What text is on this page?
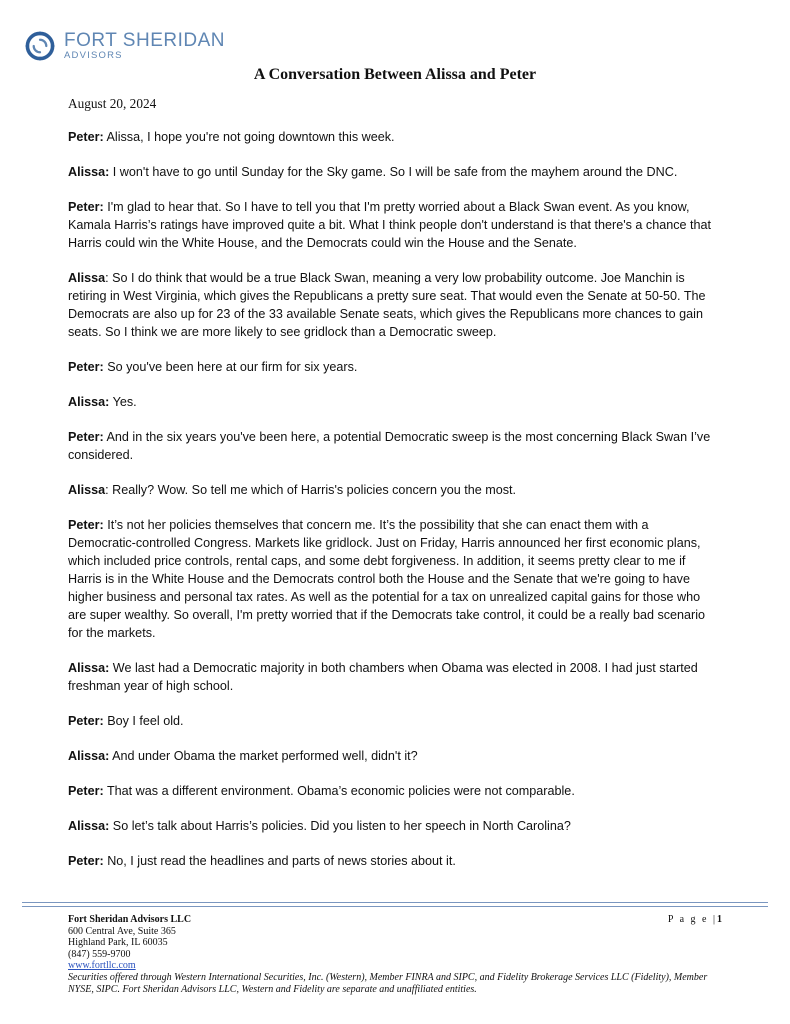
FORT SHERIDAN
ADVISORS
A Conversation Between Alissa and Peter
August 20, 2024

Peter: Alissa, I hope you're not going downtown this week.

Alissa: I won't have to go until Sunday for the Sky game. So I will be safe from the mayhem around the DNC.

Peter: I'm glad to hear that. So I have to tell you that I'm pretty worried about a Black Swan event. As you know, Kamala Harris’s ratings have improved quite a bit. What I think people don't understand is that there's a chance that Harris could win the White House, and the Democrats could win the House and the Senate.

Alissa: So I do think that would be a true Black Swan, meaning a very low probability outcome. Joe Manchin is retiring in West Virginia, which gives the Republicans a pretty sure seat. That would even the Senate at 50-50. The Democrats are also up for 23 of the 33 available Senate seats, which gives the Republicans more chances to gain seats. So I think we are more likely to see gridlock than a Democratic sweep.

Peter: So you've been here at our firm for six years.

Alissa: Yes.

Peter: And in the six years you've been here, a potential Democratic sweep is the most concerning Black Swan I’ve considered.

Alissa: Really? Wow. So tell me which of Harris's policies concern you the most.

Peter: It’s not her policies themselves that concern me. It’s the possibility that she can enact them with a Democratic-controlled Congress. Markets like gridlock. Just on Friday, Harris announced her first economic plans, which included price controls, rental caps, and some debt forgiveness. In addition, it seems pretty clear to me if Harris is in the White House and the Democrats control both the House and the Senate that we're going to have higher business and personal tax rates. As well as the potential for a tax on unrealized capital gains for those who are super wealthy. So overall, I'm pretty worried that if the Democrats take control, it could be a really bad scenario for the markets.

Alissa: We last had a Democratic majority in both chambers when Obama was elected in 2008. I had just started freshman year of high school.

Peter: Boy I feel old.

Alissa: And under Obama the market performed well, didn't it?

Peter: That was a different environment. Obama’s economic policies were not comparable.

Alissa: So let’s talk about Harris’s policies. Did you listen to her speech in North Carolina?

Peter: No, I just read the headlines and parts of news stories about it.

Fort Sheridan Advisors LLC
600 Central Ave, Suite 365
Highland Park, IL 60035
(847) 559-9700
www.fortllc.com
Securities offered through Western International Securities, Inc. (Western), Member FINRA and SIPC, and Fidelity Brokerage Services LLC (Fidelity), Member NYSE, SIPC. Fort Sheridan Advisors LLC, Western and Fidelity are separate and unaffiliated entities.
P a g e |1
